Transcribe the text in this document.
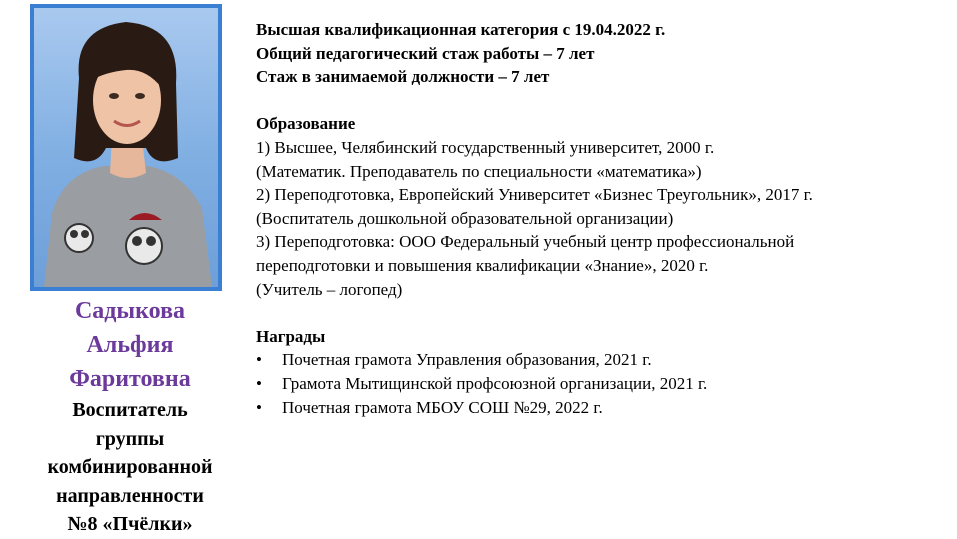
Садыкова
Альфия
Фаритовна
Воспитатель
группы
комбинированной
направленности
№8 «Пчёлки»
Высшая квалификационная категория с 19.04.2022 г.
Общий педагогический стаж работы – 7 лет
Стаж в занимаемой должности – 7 лет
Образование
1) Высшее, Челябинский государственный университет, 2000 г.
(Математик. Преподаватель по специальности «математика»)
2) Переподготовка, Европейский Университет «Бизнес Треугольник», 2017 г.
(Воспитатель дошкольной образовательной организации)
3) Переподготовка: ООО Федеральный учебный центр профессиональной
переподготовки и повышения квалификации «Знание», 2020 г.
(Учитель – логопед)
Награды
• Почетная грамота Управления образования, 2021 г.
• Грамота Мытищинской профсоюзной организации, 2021 г.
• Почетная грамота МБОУ СОШ №29, 2022 г.
